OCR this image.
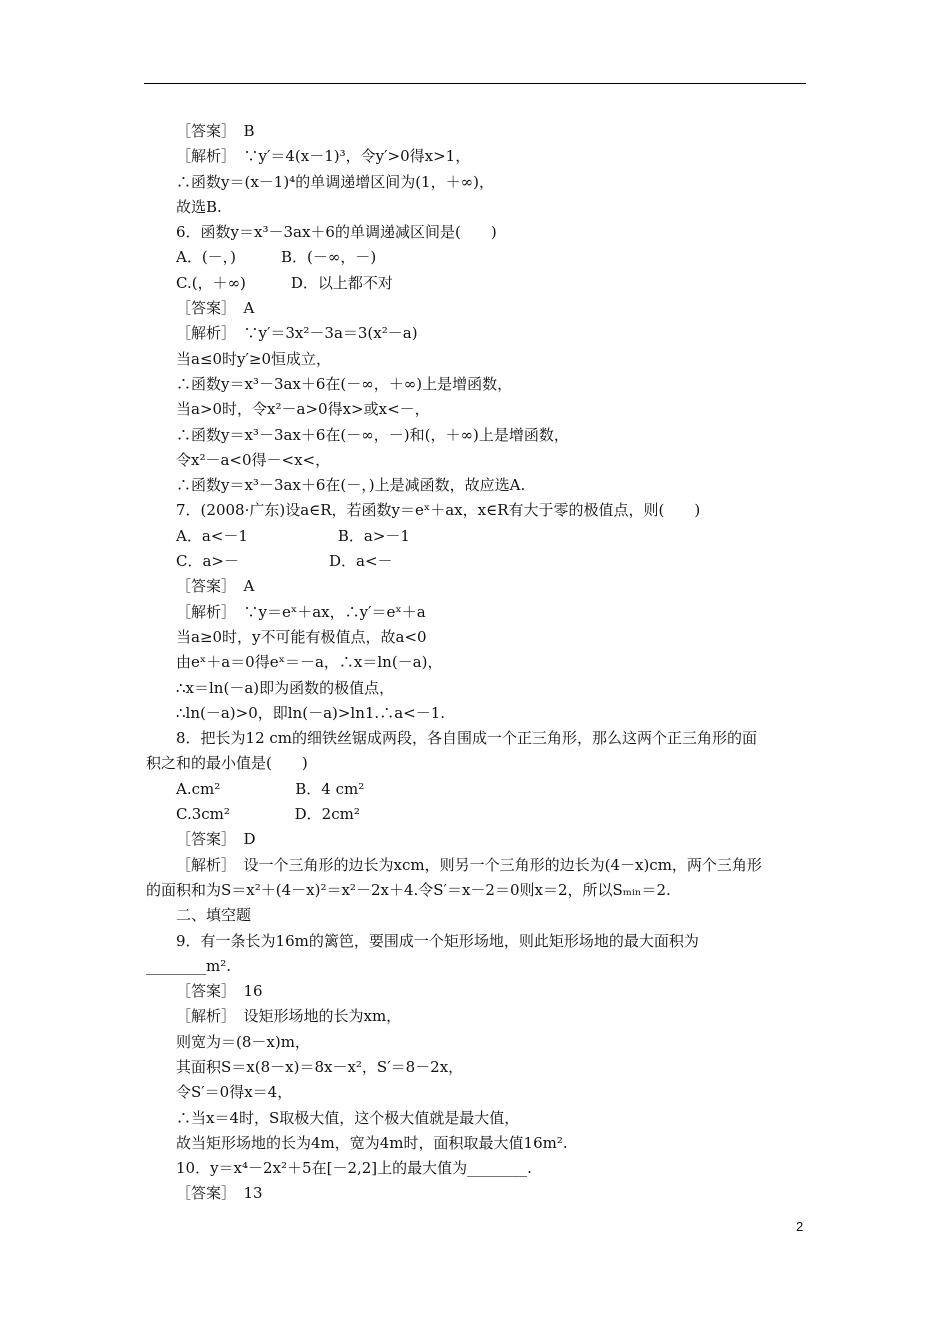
［答案］　B
［解析］　∵y′＝4(x－1)³，令y′>0得x>1，
∴函数y＝(x－1)⁴的单调递增区间为(1，＋∞)，
故选B.
6．函数y＝x³－3ax＋6的单调递减区间是(　　)
A．(－，)　　　B．(－∞，－)
C.(，＋∞)　　　D．以上都不对
［答案］　A
［解析］　∵y′＝3x²－3a＝3(x²－a)
当a≤0时y′≥0恒成立，
∴函数y＝x³－3ax＋6在(－∞，＋∞)上是增函数，
当a>0时，令x²－a>0得x>或x<－，
∴函数y＝x³－3ax＋6在(－∞，－)和(，＋∞)上是增函数，
令x²－a<0得－<x<，
∴函数y＝x³－3ax＋6在(－，)上是减函数，故应选A.
7．(2008·广东)设a∈R，若函数y＝eˣ＋ax，x∈R有大于零的极值点，则(　　)
A．a<－1　　　　　　B．a>－1
C．a>－　　　　　　D．a<－
［答案］　A
［解析］　∵y＝eˣ＋ax，∴y′＝eˣ＋a
当a≥0时，y不可能有极值点，故a<0
由eˣ＋a＝0得eˣ＝－a，∴x＝ln(－a)，
∴x＝ln(－a)即为函数的极值点，
∴ln(－a)>0，即ln(－a)>ln1.∴a<－1.
8．把长为12 cm的细铁丝锯成两段，各自围成一个正三角形，那么这两个正三角形的面
积之和的最小值是(　　)
A.cm²　　　　　B．4 cm²
C.3cm²　　　　 D．2cm²
［答案］　D
［解析］　设一个三角形的边长为xcm，则另一个三角形的边长为(4－x)cm，两个三角形
的面积和为S＝x²＋(4－x)²＝x²－2x＋4.令S′＝x－2＝0则x＝2，所以Sₘᵢₙ＝2.
二、填空题
9．有一条长为16m的篱笆，要围成一个矩形场地，则此矩形场地的最大面积为
________m².
［答案］　16
［解析］　设矩形场地的长为xm，
则宽为＝(8－x)m，
其面积S＝x(8－x)＝8x－x²，S′＝8－2x，
令S′＝0得x＝4，
∴当x＝4时，S取极大值，这个极大值就是最大值，
故当矩形场地的长为4m，宽为4m时，面积取最大值16m².
10．y＝x⁴－2x²＋5在[－2,2]上的最大值为________.
［答案］　13
2
